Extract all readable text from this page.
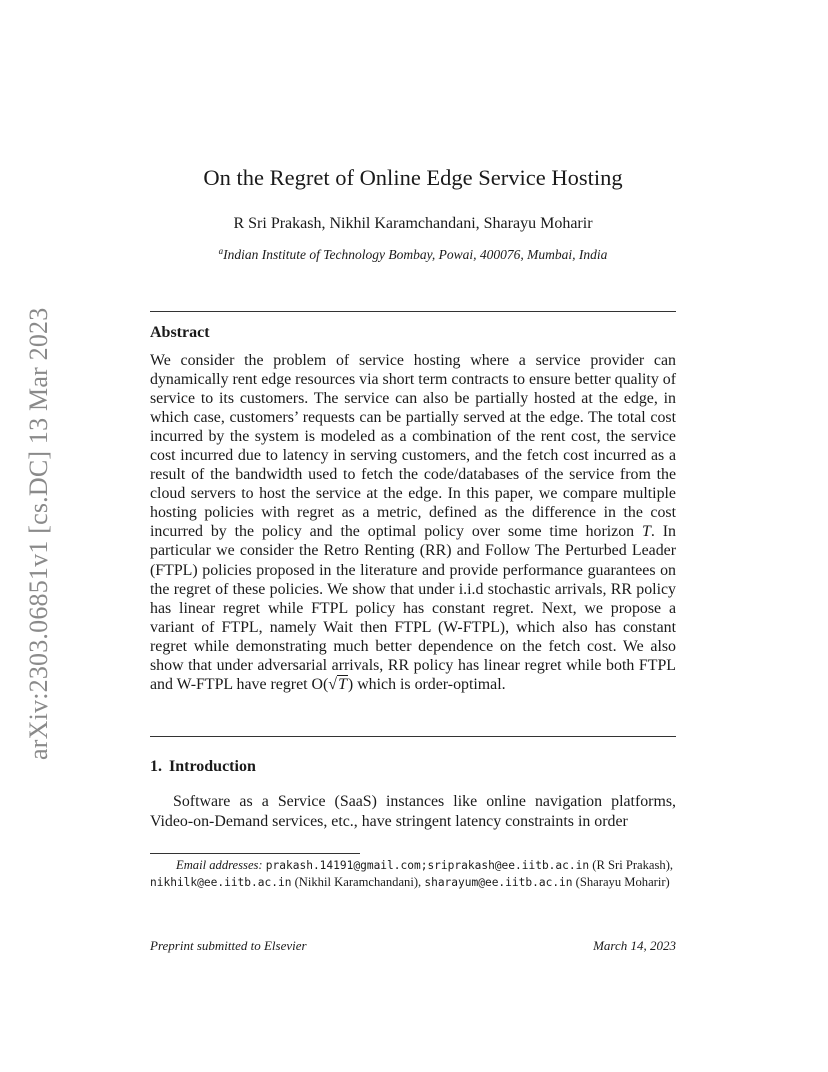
arXiv:2303.06851v1 [cs.DC] 13 Mar 2023
On the Regret of Online Edge Service Hosting
R Sri Prakash, Nikhil Karamchandani, Sharayu Moharir
$^a$Indian Institute of Technology Bombay, Powai, 400076, Mumbai, India
Abstract

We consider the problem of service hosting where a service provider can dynamically rent edge resources via short term contracts to ensure better quality of service to its customers. The service can also be partially hosted at the edge, in which case, customers’ requests can be partially served at the edge. The total cost incurred by the system is modeled as a combination of the rent cost, the service cost incurred due to latency in serving customers, and the fetch cost incurred as a result of the bandwidth used to fetch the code/databases of the service from the cloud servers to host the service at the edge. In this paper, we compare multiple hosting policies with regret as a metric, defined as the difference in the cost incurred by the policy and the optimal policy over some time horizon T. In particular we consider the Retro Renting (RR) and Follow The Perturbed Leader (FTPL) policies proposed in the literature and provide performance guarantees on the regret of these policies. We show that under i.i.d stochastic arrivals, RR policy has linear regret while FTPL policy has constant regret. Next, we propose a variant of FTPL, namely Wait then FTPL (W-FTPL), which also has constant regret while demonstrating much better dependence on the fetch cost. We also show that under adversarial arrivals, RR policy has linear regret while both FTPL and W-FTPL have regret O(√T) which is order-optimal.

1. Introduction

Software as a Service (SaaS) instances like online navigation platforms, Video-on-Demand services, etc., have stringent latency constraints in order

Email addresses: prakash.14191@gmail.com;sriprakash@ee.iitb.ac.in (R Sri Prakash), nikhilk@ee.iitb.ac.in (Nikhil Karamchandani), sharayum@ee.iitb.ac.in (Sharayu Moharir)

Preprint submitted to Elsevier	March 14, 2023
